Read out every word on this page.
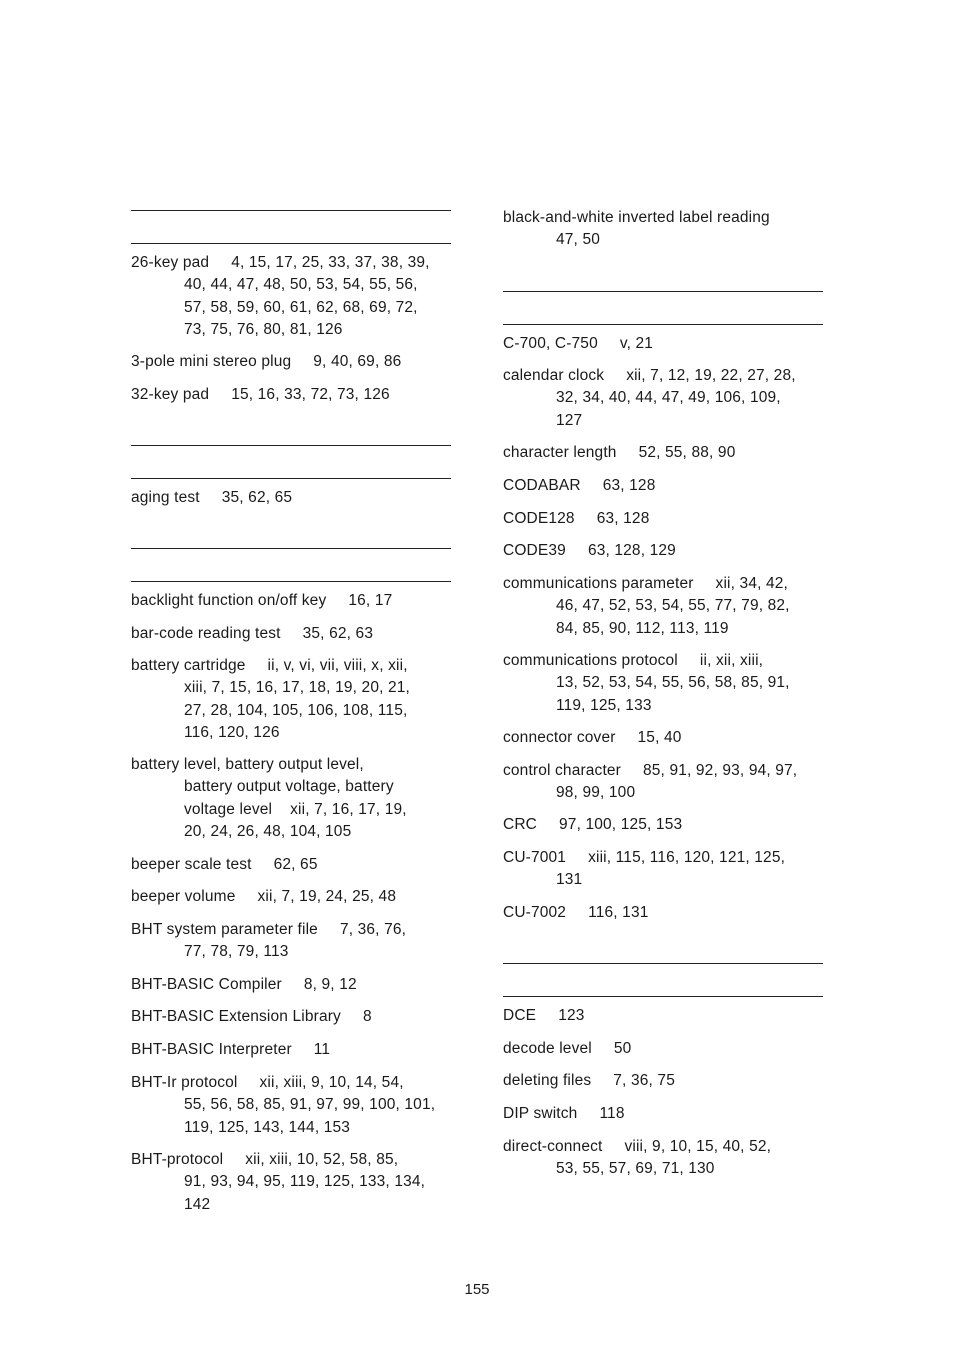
26-key pad 4, 15, 17, 25, 33, 37, 38, 39,
40, 44, 47, 48, 50, 53, 54, 55, 56,
57, 58, 59, 60, 61, 62, 68, 69, 72,
73, 75, 76, 80, 81, 126
3-pole mini stereo plug 9, 40, 69, 86
32-key pad 15, 16, 33, 72, 73, 126
aging test 35, 62, 65
backlight function on/off key 16, 17
bar-code reading test 35, 62, 63
battery cartridge ii, v, vi, vii, viii, x, xii,
xiii, 7, 15, 16, 17, 18, 19, 20, 21,
27, 28, 104, 105, 106, 108, 115,
116, 120, 126
battery level, battery output level,
battery output voltage, battery
voltage level xii, 7, 16, 17, 19,
20, 24, 26, 48, 104, 105
beeper scale test 62, 65
beeper volume xii, 7, 19, 24, 25, 48
BHT system parameter file 7, 36, 76,
77, 78, 79, 113
BHT-BASIC Compiler 8, 9, 12
BHT-BASIC Extension Library 8
BHT-BASIC Interpreter 11
BHT-Ir protocol xii, xiii, 9, 10, 14, 54,
55, 56, 58, 85, 91, 97, 99, 100, 101,
119, 125, 143, 144, 153
BHT-protocol xii, xiii, 10, 52, 58, 85,
91, 93, 94, 95, 119, 125, 133, 134,
142
black-and-white inverted label reading
47, 50
C-700, C-750 v, 21
calendar clock xii, 7, 12, 19, 22, 27, 28,
32, 34, 40, 44, 47, 49, 106, 109,
127
character length 52, 55, 88, 90
CODABAR 63, 128
CODE128 63, 128
CODE39 63, 128, 129
communications parameter xii, 34, 42,
46, 47, 52, 53, 54, 55, 77, 79, 82,
84, 85, 90, 112, 113, 119
communications protocol ii, xii, xiii,
13, 52, 53, 54, 55, 56, 58, 85, 91,
119, 125, 133
connector cover 15, 40
control character 85, 91, 92, 93, 94, 97,
98, 99, 100
CRC 97, 100, 125, 153
CU-7001 xiii, 115, 116, 120, 121, 125,
131
CU-7002 116, 131
DCE 123
decode level 50
deleting files 7, 36, 75
DIP switch 118
direct-connect viii, 9, 10, 15, 40, 52,
53, 55, 57, 69, 71, 130
155
